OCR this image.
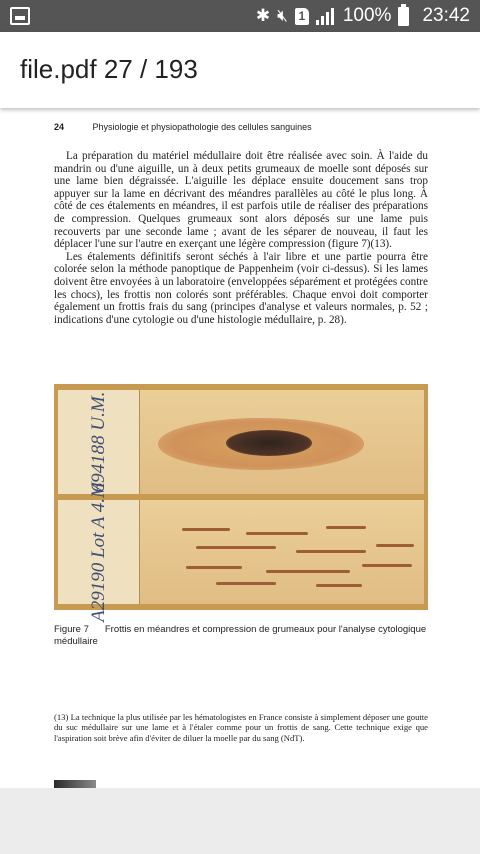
✱ 🔇︎ 1 100% 23:42
file.pdf 27 / 193
24	Physiologie et physiopathologie des cellules sanguines

La préparation du matériel médullaire doit être réalisée avec soin. À l'aide du mandrin ou d'une aiguille, un à deux petits grumeaux de moelle sont déposés sur une lame bien dégraissée. L'aiguille les déplace ensuite doucement sans trop appuyer sur la lame en décrivant des méandres parallèles au côté le plus long. À côté de ces étalements en méandres, il est parfois utile de réaliser des préparations de compression. Quelques grumeaux sont alors déposés sur une lame puis recouverts par une seconde lame ; avant de les séparer de nouveau, il faut les déplacer l'une sur l'autre en exerçant une légère compression (figure 7)(13).

Les étalements définitifs seront séchés à l'air libre et une partie pourra être colorée selon la méthode panoptique de Pappenheim (voir ci-dessus). Si les lames doivent être envoyées à un laboratoire (enveloppées séparément et protégées contre les chocs), les frottis non colorés sont préférables. Chaque envoi doit comporter également un frottis frais du sang (principes d'analyse et valeurs normales, p. 52 ; indications d'une cytologie ou d'une histologie médullaire, p. 28).

694188 U.M.
A29190 Lot A 4.M
Figure 7 Frottis en méandres et compression de grumeaux pour l'analyse cytologique médullaire
(13) La technique la plus utilisée par les hématologistes en France consiste à simplement déposer une goutte du suc médullaire sur une lame et à l'étaler comme pour un frottis de sang. Cette technique exige que l'aspiration soit brève afin d'éviter de diluer la moelle par du sang (NdT).
